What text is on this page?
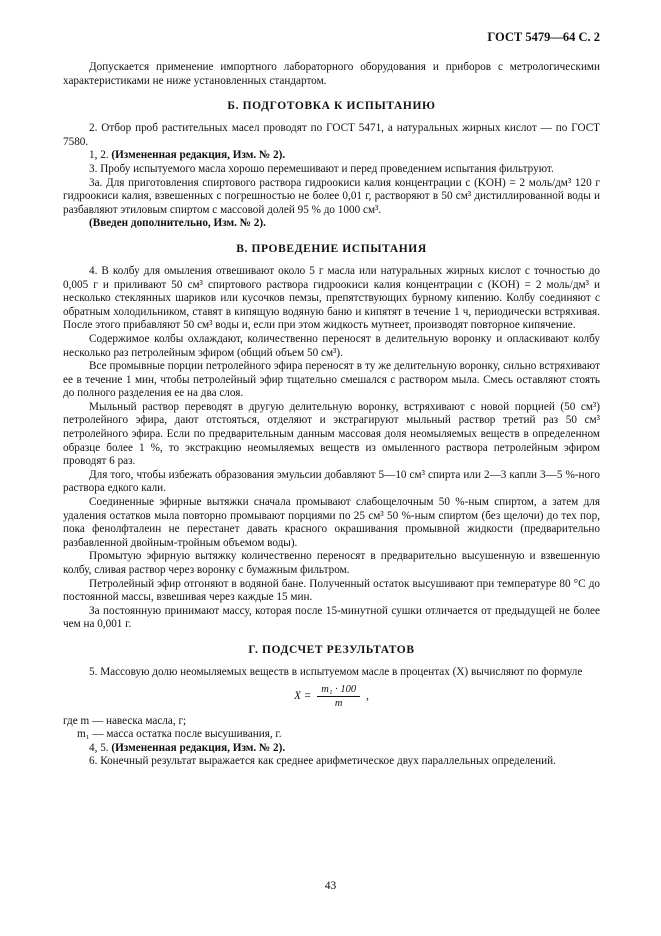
ГОСТ 5479—64 С. 2

Допускается применение импортного лабораторного оборудования и приборов с метрологическими характеристиками не ниже установленных стандартом.

Б. ПОДГОТОВКА К ИСПЫТАНИЮ

2. Отбор проб растительных масел проводят по ГОСТ 5471, а натуральных жирных кислот — по ГОСТ 7580.

1, 2. (Измененная редакция, Изм. № 2).

3. Пробу испытуемого масла хорошо перемешивают и перед проведением испытания фильтруют.

3а. Для приготовления спиртового раствора гидроокиси калия концентрации c (KOH) = 2 моль/дм³ 120 г гидроокиси калия, взвешенных с погрешностью не более 0,01 г, растворяют в 50 см³ дистиллированной воды и разбавляют этиловым спиртом с массовой долей 95 % до 1000 см³.

(Введен дополнительно, Изм. № 2).

В. ПРОВЕДЕНИЕ ИСПЫТАНИЯ

4. В колбу для омыления отвешивают около 5 г масла или натуральных жирных кислот с точностью до 0,005 г и приливают 50 см³ спиртового раствора гидроокиси калия концентрации c (KOH) = 2 моль/дм³ и несколько стеклянных шариков или кусочков пемзы, препятствующих бурному кипению. Колбу соединяют с обратным холодильником, ставят в кипящую водяную баню и кипятят в течение 1 ч, периодически встряхивая. После этого прибавляют 50 см³ воды и, если при этом жидкость мутнеет, производят повторное кипячение.

Содержимое колбы охлаждают, количественно переносят в делительную воронку и опласкивают колбу несколько раз петролейным эфиром (общий объем 50 см³).

Все промывные порции петролейного эфира переносят в ту же делительную воронку, сильно встряхивают ее в течение 1 мин, чтобы петролейный эфир тщательно смешался с раствором мыла. Смесь оставляют стоять до полного разделения ее на два слоя.

Мыльный раствор переводят в другую делительную воронку, встряхивают с новой порцией (50 см³) петролейного эфира, дают отстояться, отделяют и экстрагируют мыльный раствор третий раз 50 см³ петролейного эфира. Если по предварительным данным массовая доля неомыляемых веществ в определенном образце более 1 %, то экстракцию неомыляемых веществ из омыленного раствора петролейным эфиром проводят 6 раз.

Для того, чтобы избежать образования эмульсии добавляют 5—10 см³ спирта или 2—3 капли 3—5 %-ного раствора едкого кали.

Соединенные эфирные вытяжки сначала промывают слабощелочным 50 %-ным спиртом, а затем для удаления остатков мыла повторно промывают порциями по 25 см³ 50 %-ным спиртом (без щелочи) до тех пор, пока фенолфталеин не перестанет давать красного окрашивания промывной жидкости (предварительно разбавленной двойным-тройным объемом воды).

Промытую эфирную вытяжку количественно переносят в предварительно высушенную и взвешенную колбу, сливая раствор через воронку с бумажным фильтром.

Петролейный эфир отгоняют в водяной бане. Полученный остаток высушивают при температуре 80 °С до постоянной массы, взвешивая через каждые 15 мин.

За постоянную принимают массу, которая после 15-минутной сушки отличается от предыдущей не более чем на 0,001 г.

Г. ПОДСЧЕТ РЕЗУЛЬТАТОВ

5. Массовую долю неомыляемых веществ в испытуемом масле в процентах (X) вычисляют по формуле

$X = \frac{\text{m₁ · 100}}{m}$ ,
где m — навеска масла, г;
m₁ — масса остатка после высушивания, г.

4, 5. (Измененная редакция, Изм. № 2).

6. Конечный результат выражается как среднее арифметическое двух параллельных определений.

43
